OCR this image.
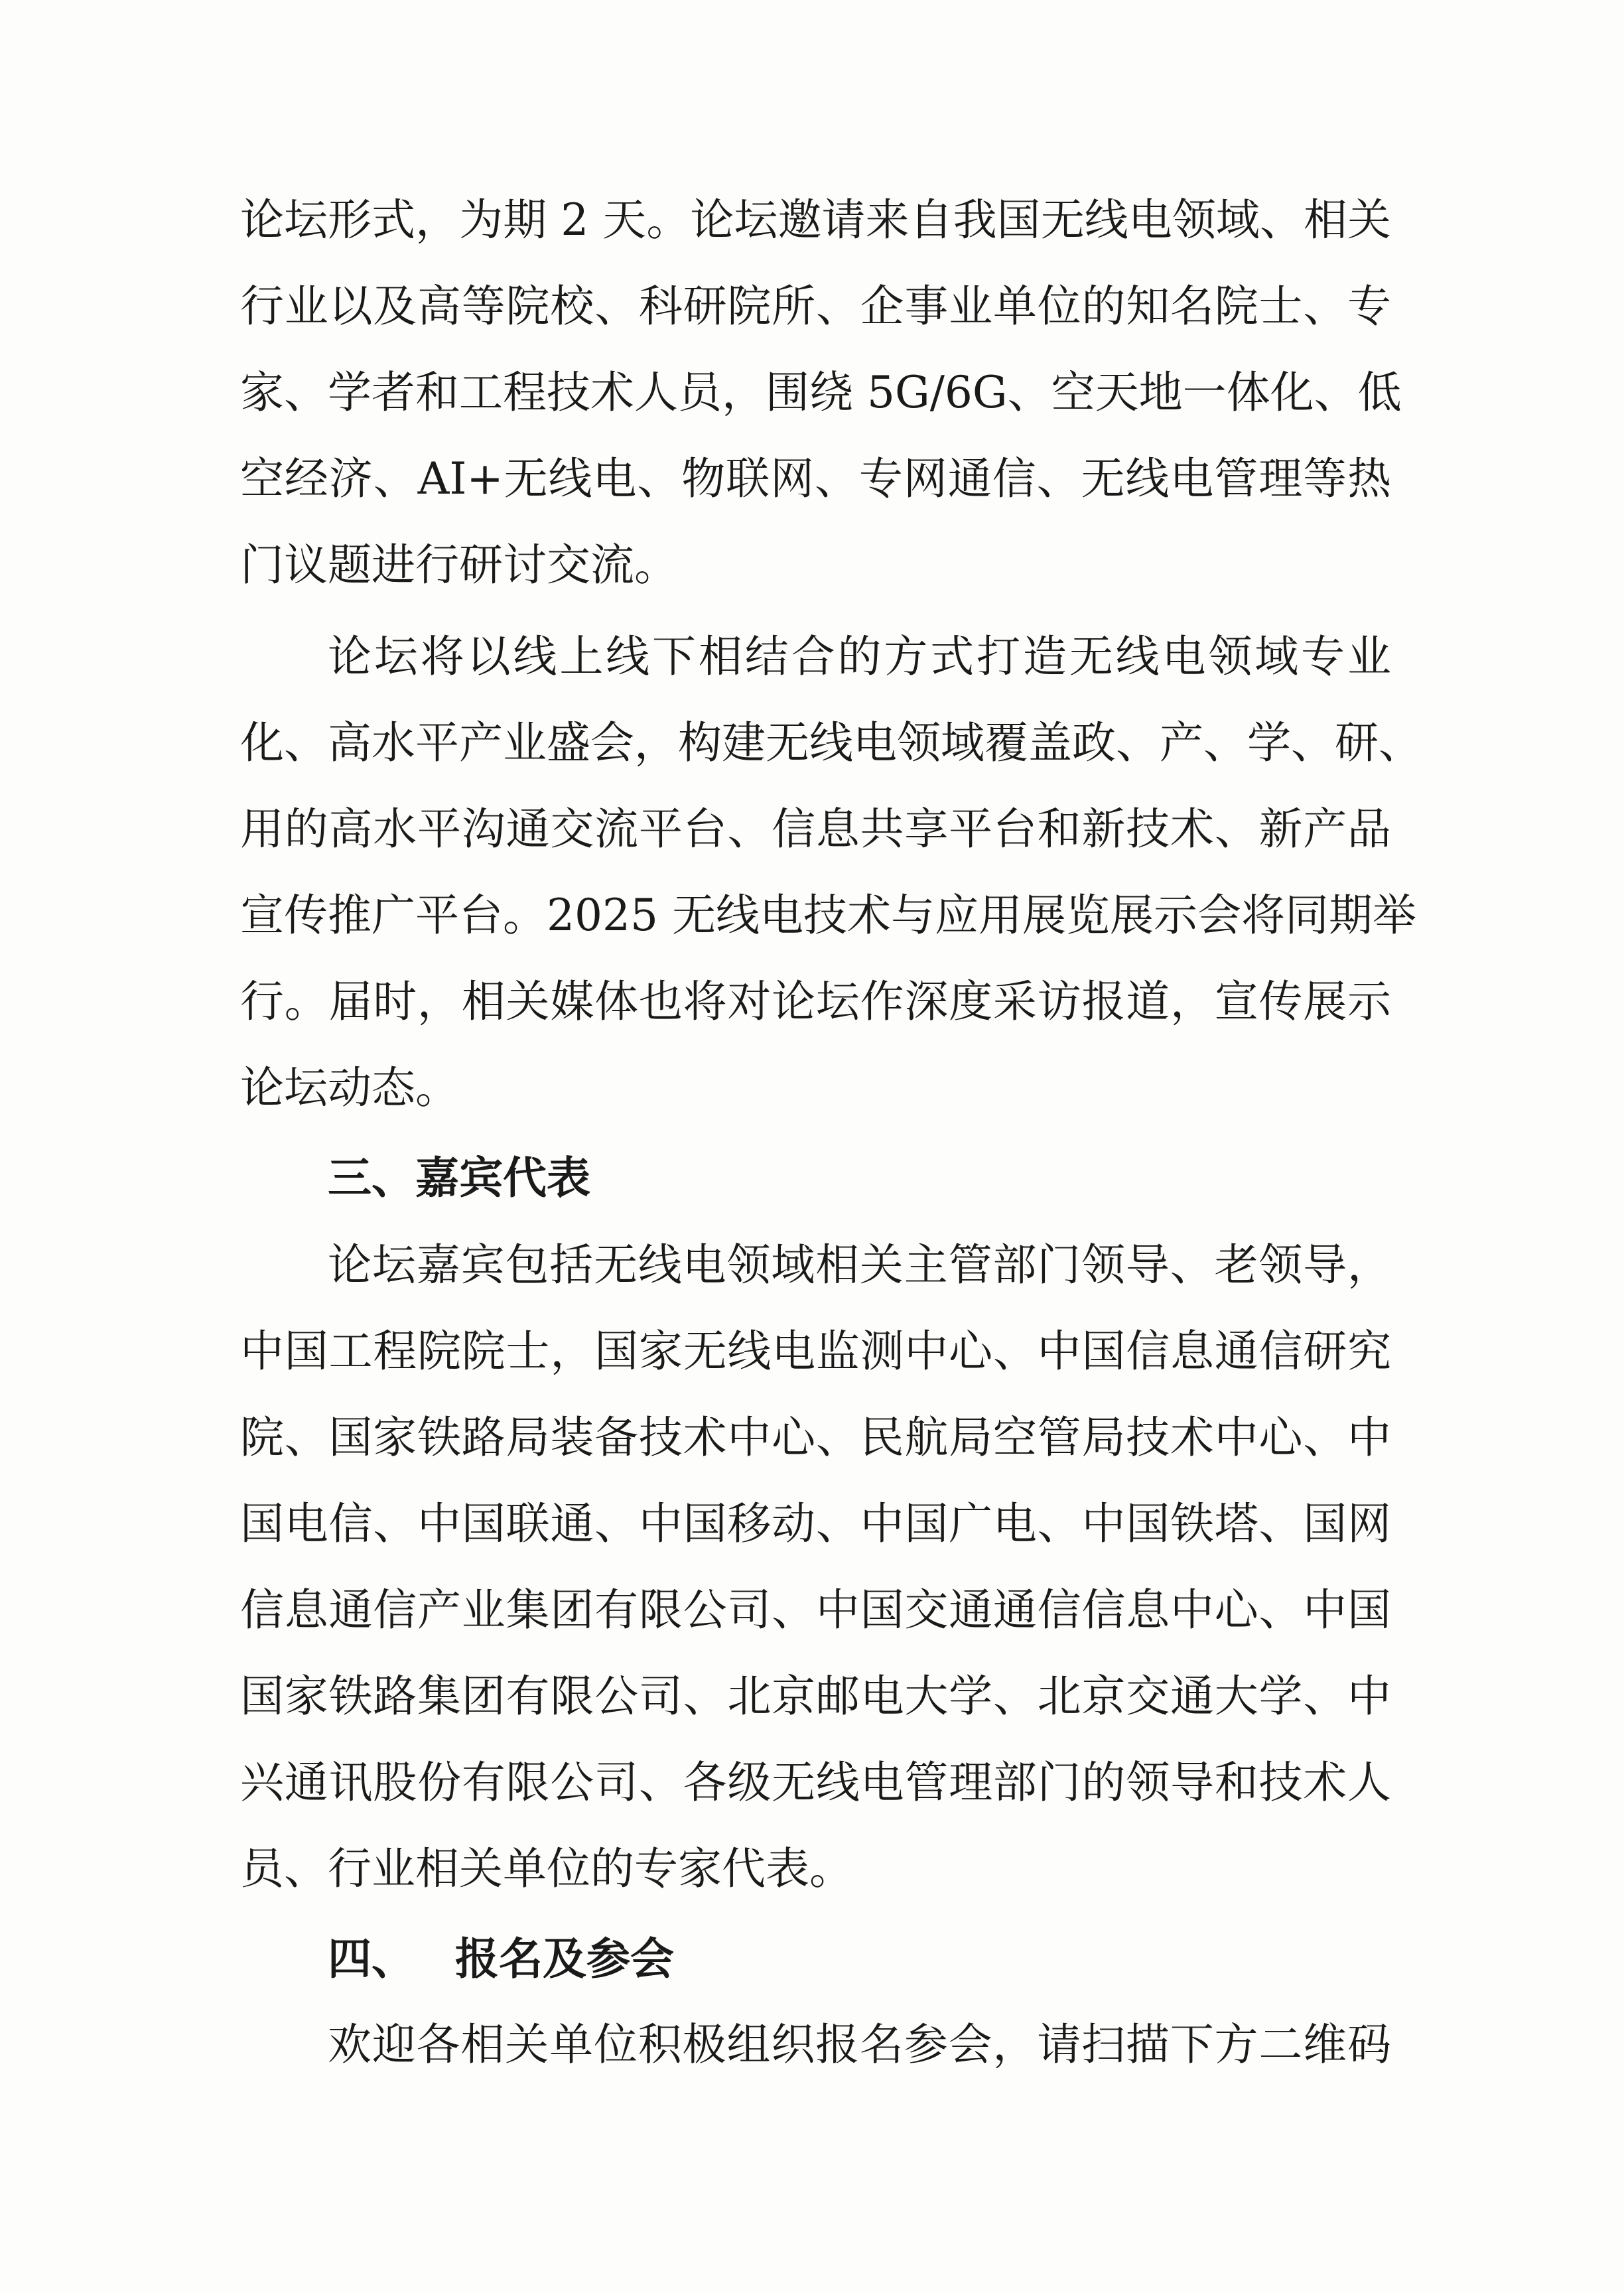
论坛形式，为期 2 天。论坛邀请来自我国无线电领域、相关
行业以及高等院校、科研院所、企事业单位的知名院士、专
家、学者和工程技术人员，围绕 5G/6G、空天地一体化、低
空经济、AI+无线电、物联网、专网通信、无线电管理等热
门议题进行研讨交流。
论坛将以线上线下相结合的方式打造无线电领域专业
化、高水平产业盛会，构建无线电领域覆盖政、产、学、研、
用的高水平沟通交流平台、信息共享平台和新技术、新产品
宣传推广平台。2025 无线电技术与应用展览展示会将同期举
行。届时，相关媒体也将对论坛作深度采访报道，宣传展示
论坛动态。
三、嘉宾代表
论坛嘉宾包括无线电领域相关主管部门领导、老领导，
中国工程院院士，国家无线电监测中心、中国信息通信研究
院、国家铁路局装备技术中心、民航局空管局技术中心、中
国电信、中国联通、中国移动、中国广电、中国铁塔、国网
信息通信产业集团有限公司、中国交通通信信息中心、中国
国家铁路集团有限公司、北京邮电大学、北京交通大学、中
兴通讯股份有限公司、各级无线电管理部门的领导和技术人
员、行业相关单位的专家代表。
四、 报名及参会
欢迎各相关单位积极组织报名参会，请扫描下方二维码
